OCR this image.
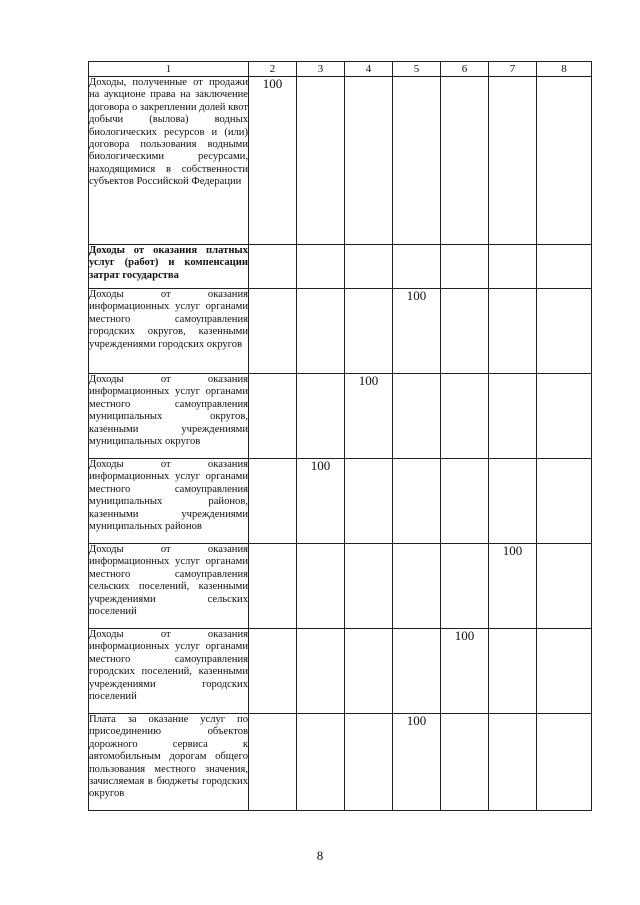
1	2	3	4	5	6	7	8
Доходы, полученные от продажи на аукционе права на заключение договора о закреплении долей квот добычи (вылова) водных биологических ресурсов и (или) договора пользования водными биологическими ресурсами, находящимися в собственности субъектов Российской Федерации	100						
Доходы от оказания платных услуг (работ) и компенсации затрат государства							
Доходы от оказания информационных услуг органами местного самоуправления городских округов, казенными учреждениями городских округов				100			
Доходы от оказания информационных услуг органами местного самоуправления муниципальных округов, казенными учреждениями муниципальных округов			100				
Доходы от оказания информационных услуг органами местного самоуправления муниципальных районов, казенными учреждениями муниципальных районов		100					
Доходы от оказания информационных услуг органами местного самоуправления сельских поселений, казенными учреждениями сельских поселений						100	
Доходы от оказания информационных услуг органами местного самоуправления городских поселений, казенными учреждениями городских поселений					100		
Плата за оказание услуг по присоединению объектов дорожного сервиса к автомобильным дорогам общего пользования местного значения, зачисляемая в бюджеты городских округов				100			
8
